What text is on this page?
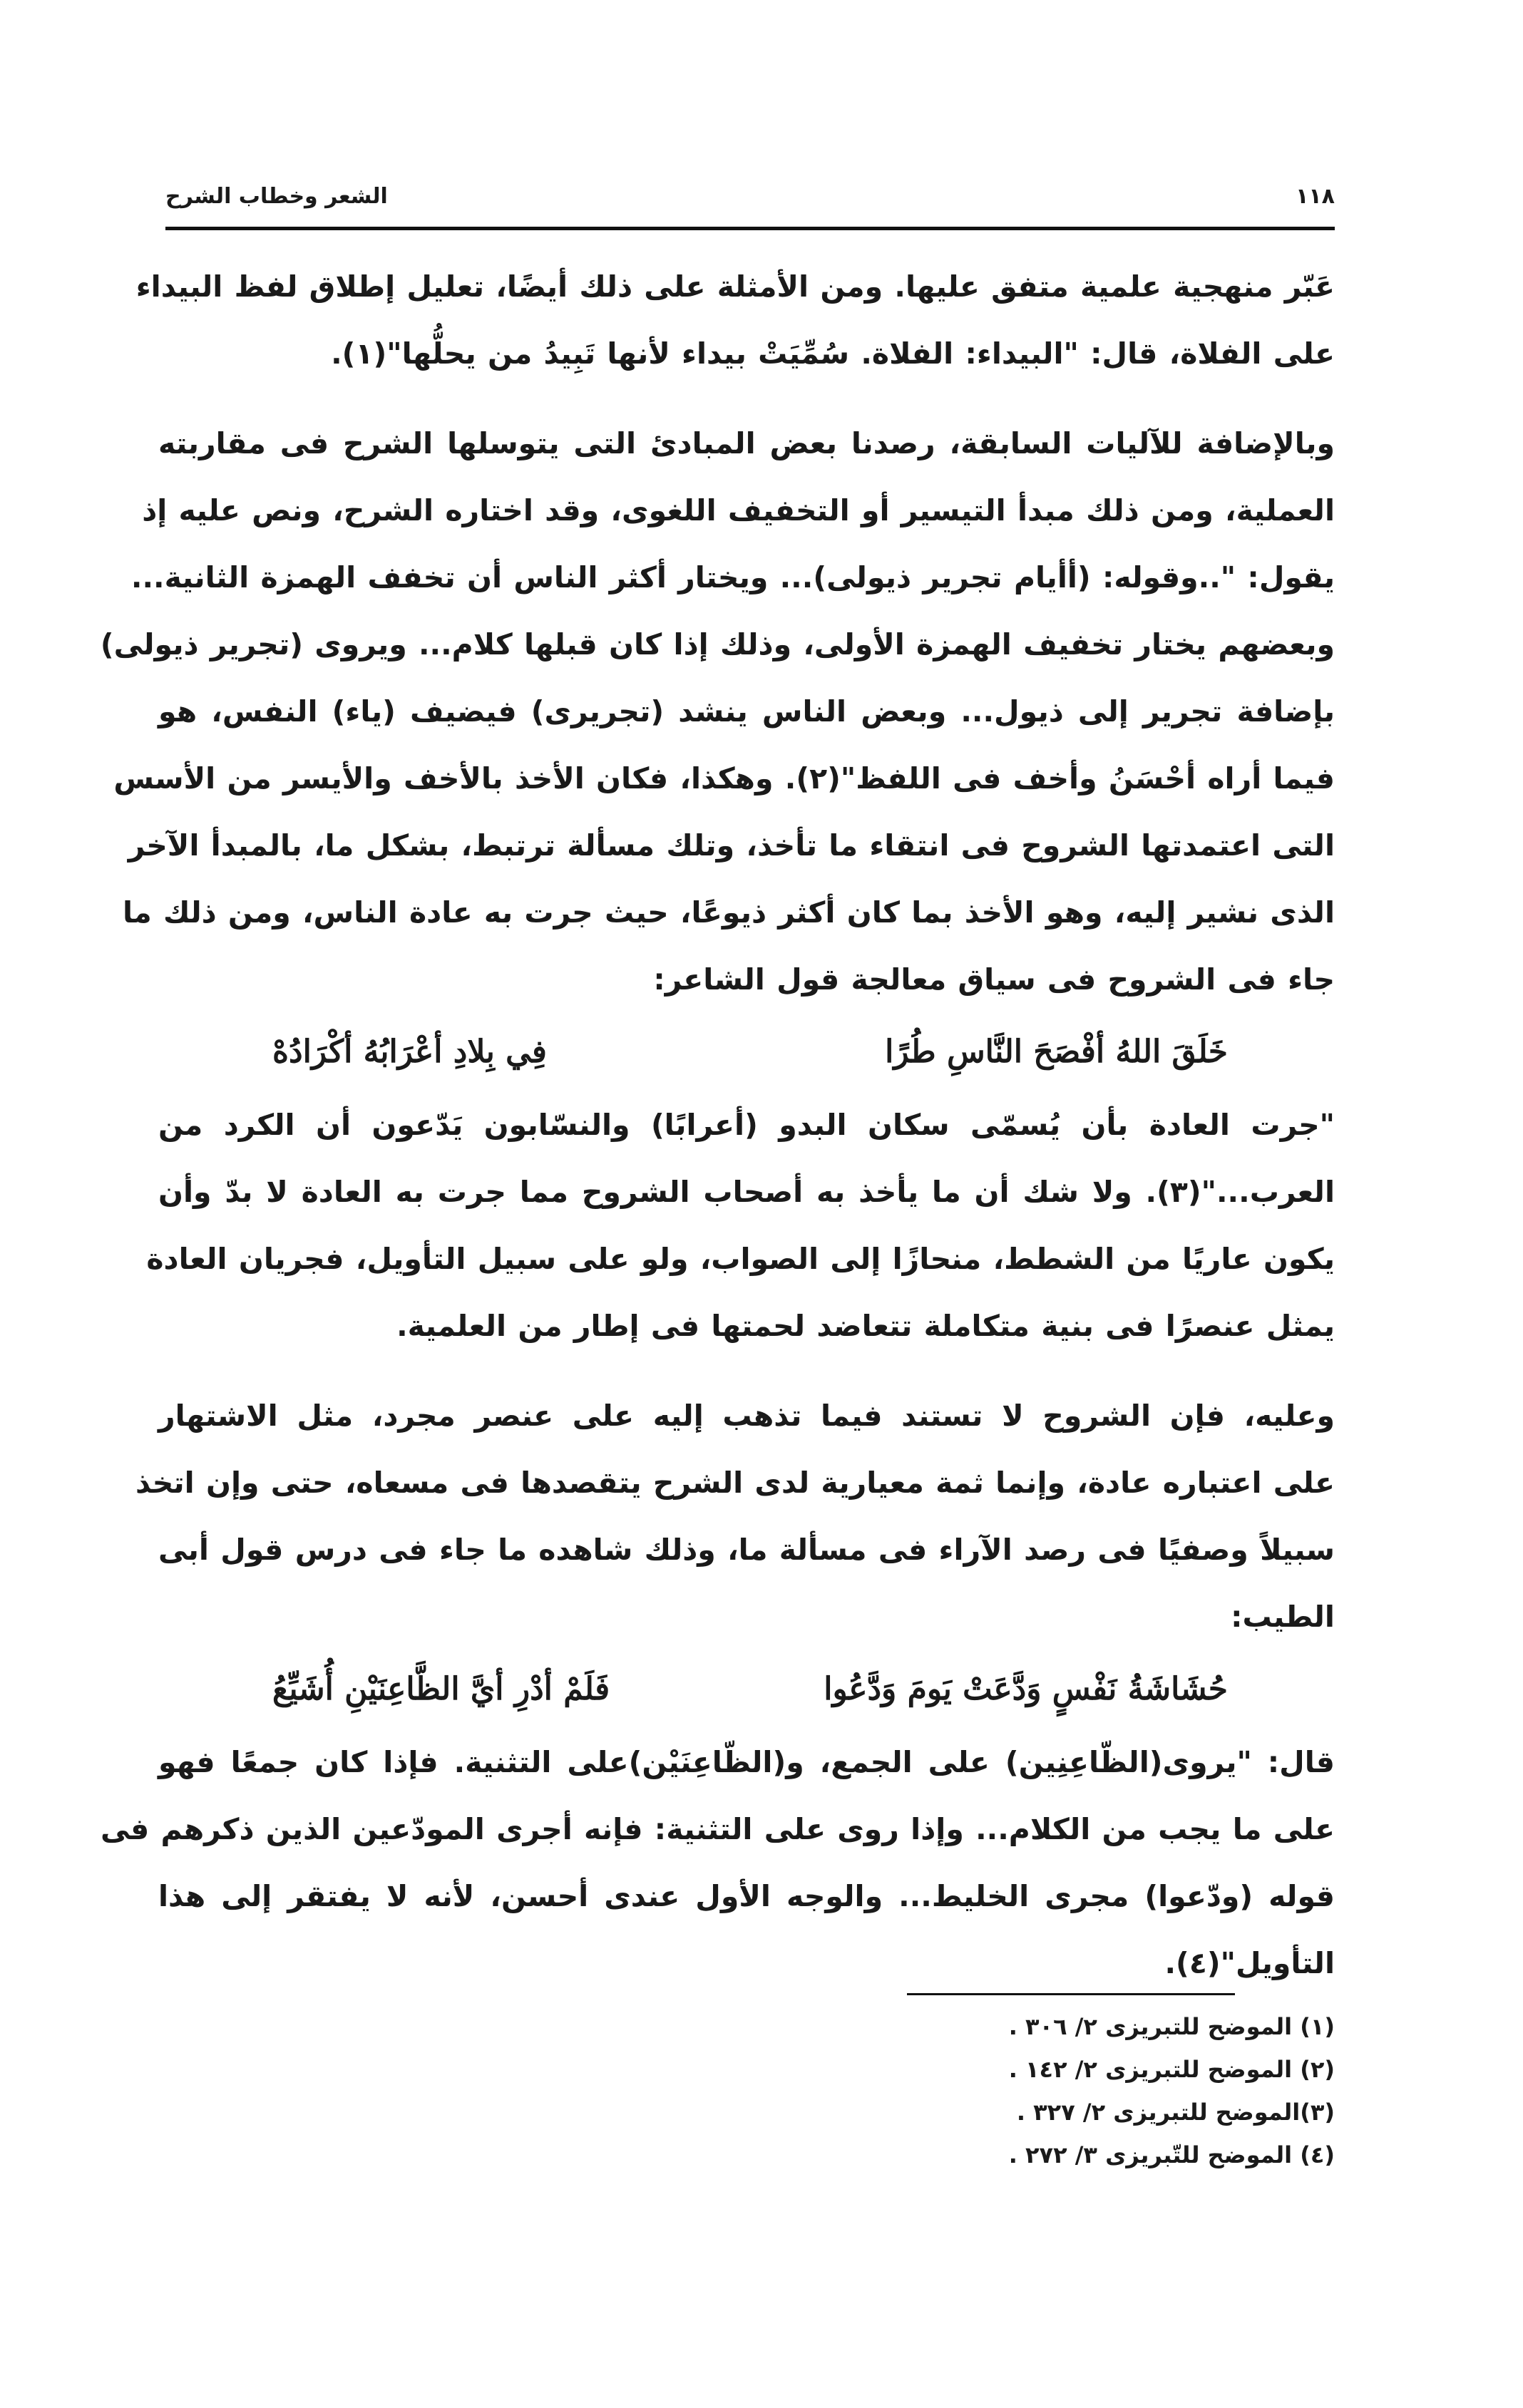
١١٨
الشعر وخطاب الشرح
عَبّر منهجية علمية متفق عليها. ومن الأمثلة على ذلك أيضًا، تعليل إطلاق لفظ البيداء
على الفلاة، قال: "البيداء: الفلاة. سُمِّيَتْ بيداء لأنها تَبِيدُ من يحلُّها"(١).
وبالإضافة للآليات السابقة، رصدنا بعض المبادئ التى يتوسلها الشرح فى مقاربته
العملية، ومن ذلك مبدأ التيسير أو التخفيف اللغوى، وقد اختاره الشرح، ونص عليه إذ
يقول: "..وقوله: (أأيام تجرير ذيولى)... ويختار أكثر الناس أن تخفف الهمزة الثانية...
وبعضهم يختار تخفيف الهمزة الأولى، وذلك إذا كان قبلها كلام... ويروى (تجرير ذيولى)
بإضافة تجرير إلى ذيول... وبعض الناس ينشد (تجريرى) فيضيف (ياء) النفس، هو
فيما أراه أحْسَنُ وأخف فى اللفظ"(٢). وهكذا، فكان الأخذ بالأخف والأيسر من الأسس
التى اعتمدتها الشروح فى انتقاء ما تأخذ، وتلك مسألة ترتبط، بشكل ما، بالمبدأ الآخر
الذى نشير إليه، وهو الأخذ بما كان أكثر ذيوعًا، حيث جرت به عادة الناس، ومن ذلك ما
جاء فى الشروح فى سياق معالجة قول الشاعر:
خَلَقَ اللهُ أفْصَحَ النَّاسِ طُرًا
فِي بِلادِ أعْرَابُهُ أكْرَادُهْ
"جرت العادة بأن يُسمّى سكان البدو (أعرابًا) والنسّابون يَدّعون أن الكرد من
العرب..."(٣). ولا شك أن ما يأخذ به أصحاب الشروح مما جرت به العادة لا بدّ وأن
يكون عاريًا من الشطط، منحازًا إلى الصواب، ولو على سبيل التأويل، فجريان العادة
يمثل عنصرًا فى بنية متكاملة تتعاضد لحمتها فى إطار من العلمية.
وعليه، فإن الشروح لا تستند فيما تذهب إليه على عنصر مجرد، مثل الاشتهار
على اعتباره عادة، وإنما ثمة معيارية لدى الشرح يتقصدها فى مسعاه، حتى وإن اتخذ
سبيلاً وصفيًا فى رصد الآراء فى مسألة ما، وذلك شاهده ما جاء فى درس قول أبى
الطيب:
حُشَاشَةُ نَفْسٍ وَدَّعَتْ يَومَ وَدَّعُوا
فَلَمْ أدْرِ أيَّ الظَّاعِنَيْنِ أُشَيِّعُ
قال: "يروى(الظّاعِنِين) على الجمع، و(الظّاعِنَيْن)على التثنية. فإذا كان جمعًا فهو
على ما يجب من الكلام... وإذا روى على التثنية: فإنه أجرى المودّعين الذين ذكرهم فى
قوله (ودّعوا) مجرى الخليط... والوجه الأول عندى أحسن، لأنه لا يفتقر إلى هذا
التأويل"(٤).
(١) الموضح للتبريزى ٢/ ٣٠٦ .
(٢) الموضح للتبريزى ٢/ ١٤٢ .
(٣)الموضح للتبريزى ٢/ ٣٢٧ .
(٤) الموضح للتّبريزى ٣/ ٢٧٢ .
